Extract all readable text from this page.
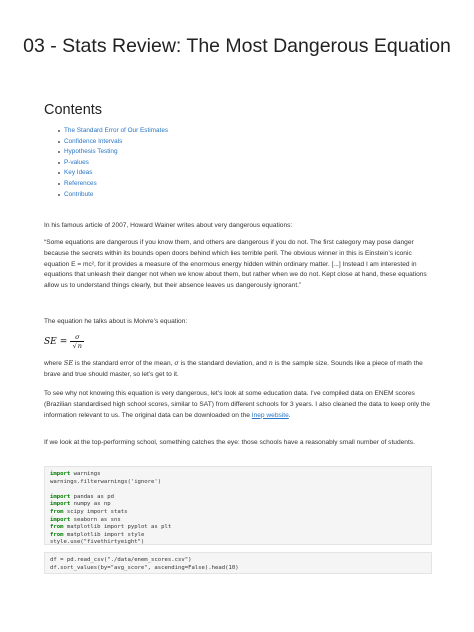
03 - Stats Review: The Most Dangerous Equation
Contents
The Standard Error of Our Estimates
Confidence Intervals
Hypothesis Testing
P-values
Key Ideas
References
Contribute

In his famous article of 2007, Howard Wainer writes about very dangerous equations:

“Some equations are dangerous if you know them, and others are dangerous if you do not. The first category may pose danger because the secrets within its bounds open doors behind which lies terrible peril. The obvious winner in this is Einstein’s iconic equation E = mc², for it provides a measure of the enormous energy hidden within ordinary matter. [...] Instead I am interested in equations that unleash their danger not when we know about them, but rather when we do not. Kept close at hand, these equations allow us to understand things clearly, but their absence leaves us dangerously ignorant.”

The equation he talks about is Moivre’s equation:

SE = $\frac{\sigma}{√n}$

where SE is the standard error of the mean, σ is the standard deviation, and n is the sample size. Sounds like a piece of math the brave and true should master, so let’s get to it.

To see why not knowing this equation is very dangerous, let’s look at some education data. I’ve compiled data on ENEM scores (Brazilian standardised high school scores, similar to SAT) from different schools for 3 years. I also cleaned the data to keep only the information relevant to us. The original data can be downloaded on the Inep website.

If we look at the top-performing school, something catches the eye: those schools have a reasonably small number of students.

import warnings
warnings.filterwarnings('ignore')

import pandas as pd
import numpy as np
from scipy import stats
import seaborn as sns
from matplotlib import pyplot as plt
from matplotlib import style
style.use("fivethirtyeight")
df = pd.read_csv("./data/enem_scores.csv")
df.sort_values(by="avg_score", ascending=False).head(10)
